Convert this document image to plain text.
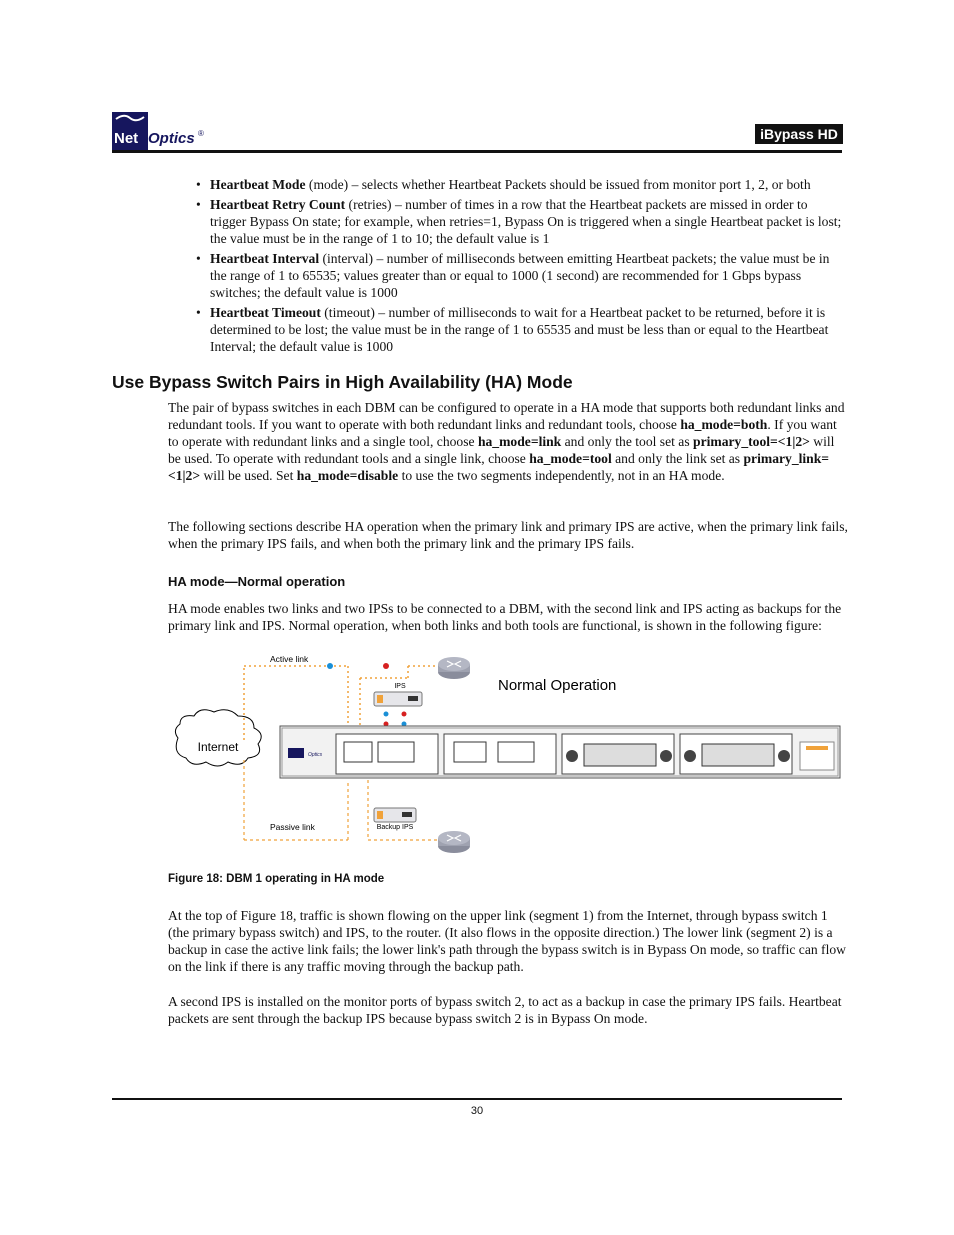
Net Optics ®	iBypass HD
• Heartbeat Mode (mode) – selects whether Heartbeat Packets should be issued from monitor port 1, 2, or both
• Heartbeat Retry Count (retries) – number of times in a row that the Heartbeat packets are missed in order to trigger Bypass On state; for example, when retries=1, Bypass On is triggered when a single Heartbeat packet is lost; the value must be in the range of 1 to 10; the default value is 1
• Heartbeat Interval (interval) – number of milliseconds between emitting Heartbeat packets; the value must be in the range of 1 to 65535; values greater than or equal to 1000 (1 second) are recommended for 1 Gbps bypass switches; the default value is 1000
• Heartbeat Timeout (timeout) – number of milliseconds to wait for a Heartbeat packet to be returned, before it is determined to be lost; the value must be in the range of 1 to 65535 and must be less than or equal to the Heartbeat Interval; the default value is 1000
Use Bypass Switch Pairs in High Availability (HA) Mode

The pair of bypass switches in each DBM can be configured to operate in a HA mode that supports both redundant links and redundant tools. If you want to operate with both redundant links and redundant tools, choose ha_mode=both. If you want to operate with redundant links and a single tool, choose ha_mode=link and only the tool set as primary_tool=<1|2> will be used. To operate with redundant tools and a single link, choose ha_mode=tool and only the link set as primary_link=<1|2> will be used. Set ha_mode=disable to use the two segments independently, not in an HA mode.

The following sections describe HA operation when the primary link and primary IPS are active, when the primary link fails, when the primary IPS fails, and when both the primary link and the primary IPS fails.

HA mode—Normal operation

HA mode enables two links and two IPSs to be connected to a DBM, with the second link and IPS acting as backups for the primary link and IPS. Normal operation, when both links and both tools are functional, is shown in the following figure:

Internet
Active link
Passive link
IPS
Backup IPS
Normal Operation
Optics
Figure 18: DBM 1 operating in HA mode

At the top of Figure 18, traffic is shown flowing on the upper link (segment 1) from the Internet, through bypass switch 1 (the primary bypass switch) and IPS, to the router. (It also flows in the opposite direction.) The lower link (segment 2) is a backup in case the active link fails; the lower link's path through the bypass switch is in Bypass On mode, so traffic can flow on the link if there is any traffic moving through the backup path.

A second IPS is installed on the monitor ports of bypass switch 2, to act as a backup in case the primary IPS fails. Heartbeat packets are sent through the backup IPS because bypass switch 2 is in Bypass On mode.

30
